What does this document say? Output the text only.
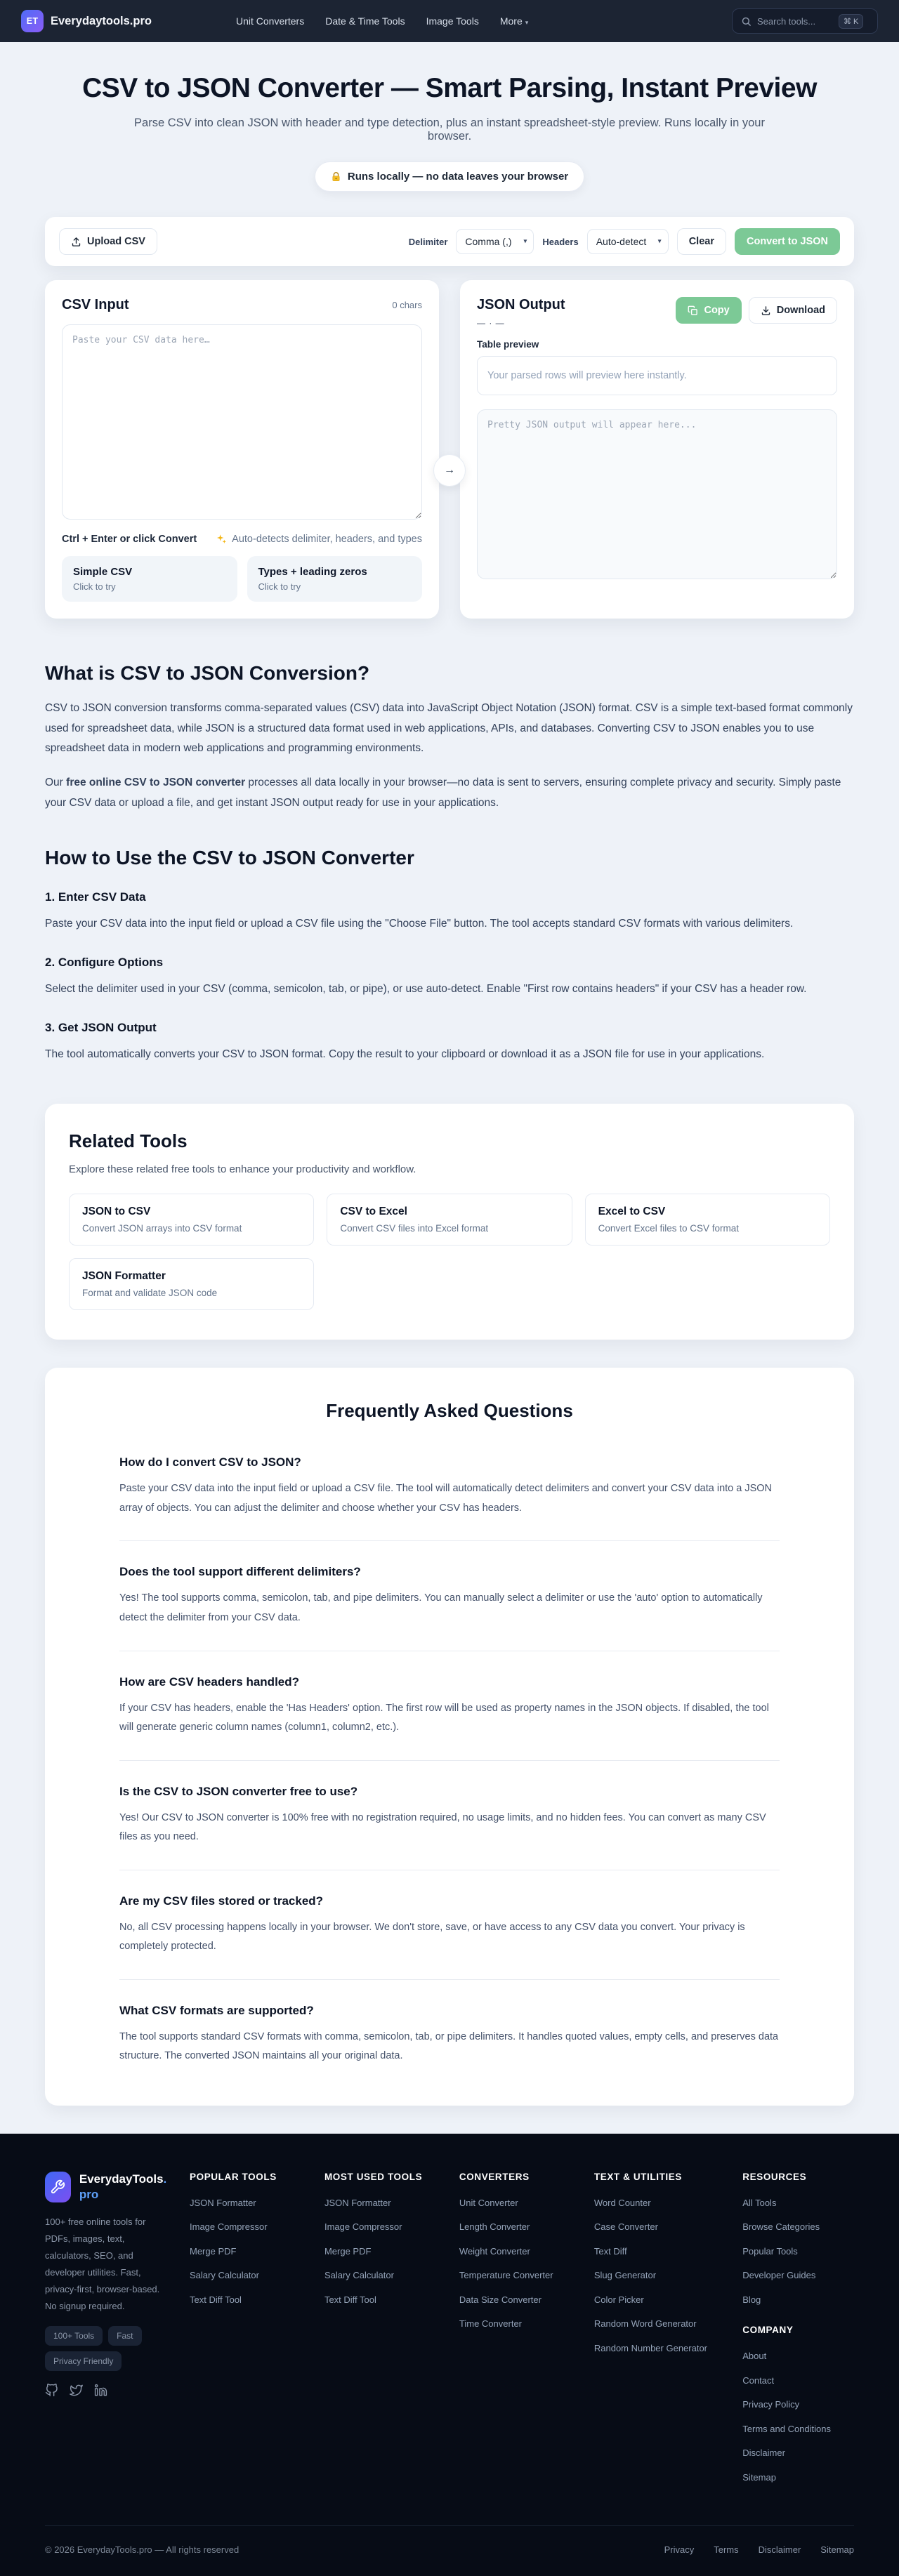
ET	Everydaytools.pro	Unit Converters Date & Time Tools Image Tools More ▾
Search tools...	⌘ K
CSV to JSON Converter — Smart Parsing, Instant Preview
Parse CSV into clean JSON with header and type detection, plus an instant spreadsheet-style preview. Runs locally in your browser.
Runs locally — no data leaves your browser
Upload CSV	Delimiter
Comma (,)	▾ Headers
Auto-detect	▾	Clear	Convert to JSON
→
CSV Input	0 chars
Paste your CSV data here…
Ctrl + Enter or click Convert	Auto-detects delimiter, headers, and types
Simple CSV
Click to try
Types + leading zeros
Click to try
JSON Output
— · —
Copy	Download
Table preview
Your parsed rows will preview here instantly.
Pretty JSON output will appear here...
What is CSV to JSON Conversion?

CSV to JSON conversion transforms comma-separated values (CSV) data into JavaScript Object Notation (JSON) format. CSV is a simple text-based format commonly used for spreadsheet data, while JSON is a structured data format used in web applications, APIs, and databases. Converting CSV to JSON enables you to use spreadsheet data in modern web applications and programming environments.

Our free online CSV to JSON converter processes all data locally in your browser—no data is sent to servers, ensuring complete privacy and security. Simply paste your CSV data or upload a file, and get instant JSON output ready for use in your applications.

How to Use the CSV to JSON Converter
1. Enter CSV Data

Paste your CSV data into the input field or upload a CSV file using the "Choose File" button. The tool accepts standard CSV formats with various delimiters.

2. Configure Options

Select the delimiter used in your CSV (comma, semicolon, tab, or pipe), or use auto-detect. Enable "First row contains headers" if your CSV has a header row.

3. Get JSON Output

The tool automatically converts your CSV to JSON format. Copy the result to your clipboard or download it as a JSON file for use in your applications.

Related Tools
Explore these related free tools to enhance your productivity and workflow.
JSON to CSV
Convert JSON arrays into CSV format
CSV to Excel
Convert CSV files into Excel format
Excel to CSV
Convert Excel files to CSV format
JSON Formatter
Format and validate JSON code
Frequently Asked Questions
How do I convert CSV to JSON?
Paste your CSV data into the input field or upload a CSV file. The tool will automatically detect delimiters and convert your CSV data into a JSON array of objects. You can adjust the delimiter and choose whether your CSV has headers.
Does the tool support different delimiters?
Yes! The tool supports comma, semicolon, tab, and pipe delimiters. You can manually select a delimiter or use the 'auto' option to automatically detect the delimiter from your CSV data.
How are CSV headers handled?
If your CSV has headers, enable the 'Has Headers' option. The first row will be used as property names in the JSON objects. If disabled, the tool will generate generic column names (column1, column2, etc.).
Is the CSV to JSON converter free to use?
Yes! Our CSV to JSON converter is 100% free with no registration required, no usage limits, and no hidden fees. You can convert as many CSV files as you need.
Are my CSV files stored or tracked?
No, all CSV processing happens locally in your browser. We don't store, save, or have access to any CSV data you convert. Your privacy is completely protected.
What CSV formats are supported?
The tool supports standard CSV formats with comma, semicolon, tab, or pipe delimiters. It handles quoted values, empty cells, and preserves data structure. The converted JSON maintains all your original data.
EverydayTools.pro
100+ free online tools for PDFs, images, text, calculators, SEO, and developer utilities. Fast, privacy-first, browser-based. No signup required.
100+ Tools	Fast
Privacy Friendly
POPULAR TOOLS
JSON Formatter
Image Compressor
Merge PDF
Salary Calculator
Text Diff Tool
MOST USED TOOLS
JSON Formatter
Image Compressor
Merge PDF
Salary Calculator
Text Diff Tool
CONVERTERS
Unit Converter
Length Converter
Weight Converter
Temperature Converter
Data Size Converter
Time Converter
TEXT & UTILITIES
Word Counter
Case Converter
Text Diff
Slug Generator
Color Picker
Random Word Generator
Random Number Generator
RESOURCES
All Tools
Browse Categories
Popular Tools
Developer Guides
Blog
COMPANY
About
Contact
Privacy Policy
Terms and Conditions
Disclaimer
Sitemap
© 2026 EverydayTools.pro — All rights reserved	Privacy Terms Disclaimer Sitemap
